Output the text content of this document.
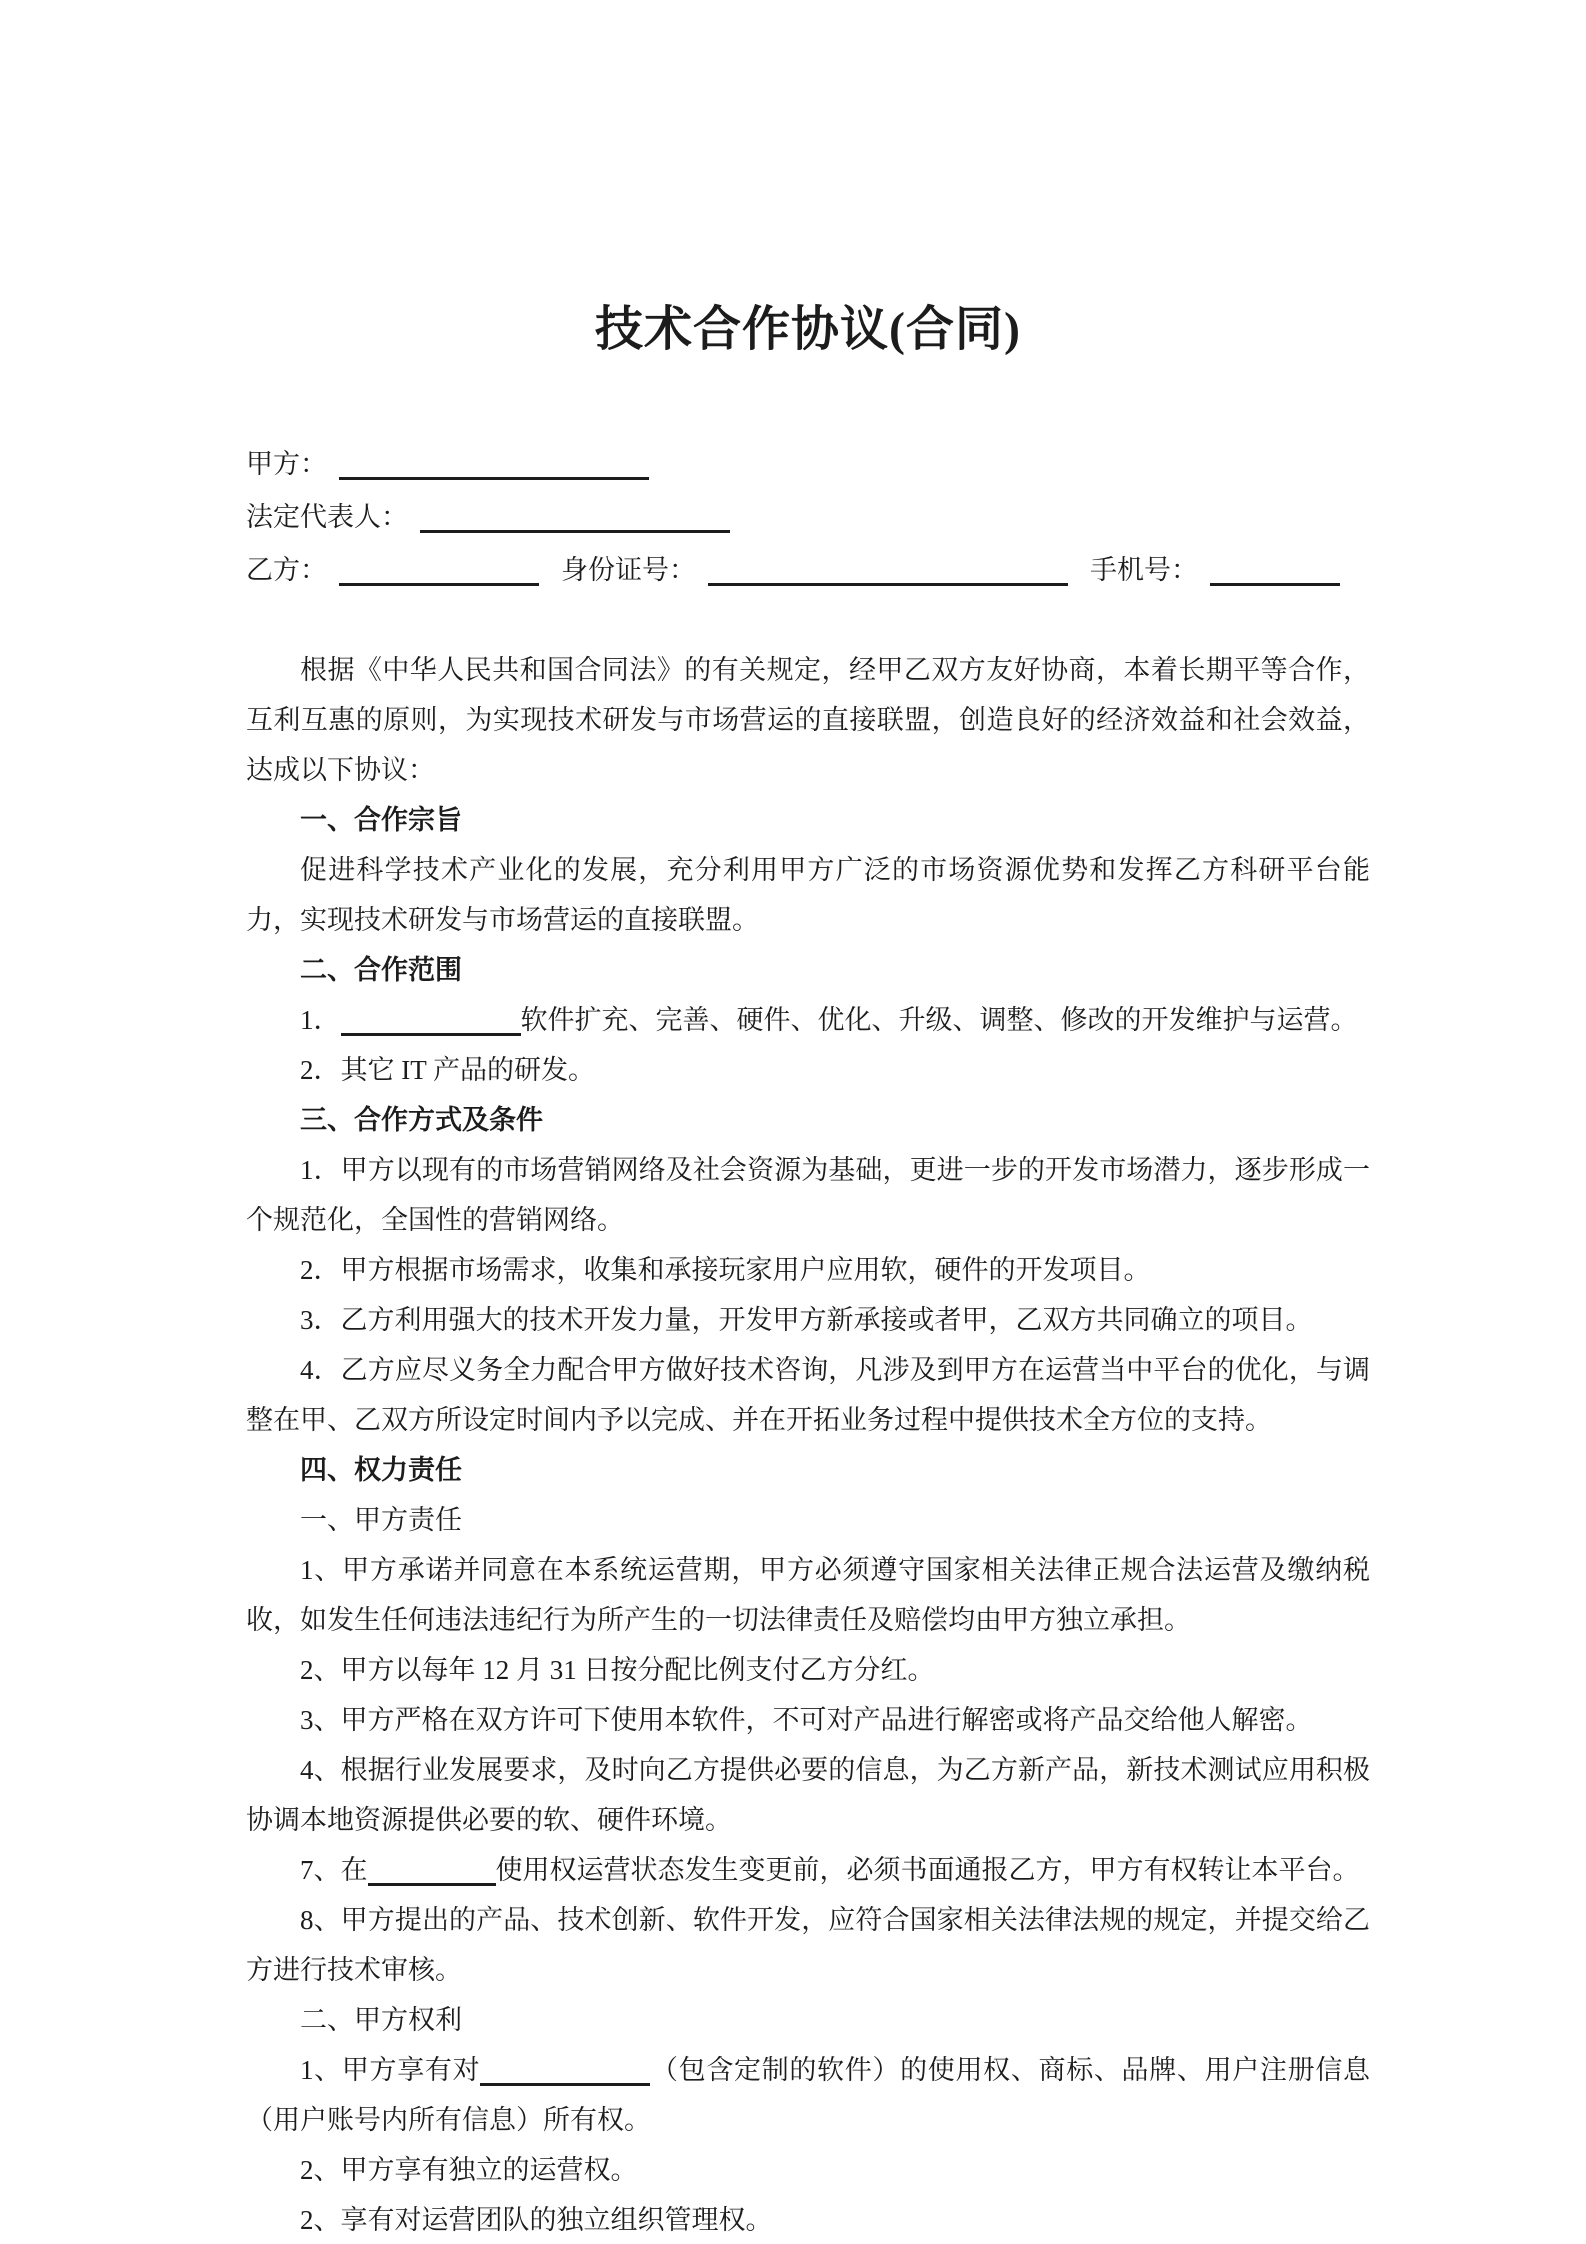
技术合作协议(合同)

甲方：

法定代表人：

乙方：	身份证号：	手机号：

根据《中华人民共和国合同法》的有关规定，经甲乙双方友好协商，本着长期平等合作，互利互惠的原则，为实现技术研发与市场营运的直接联盟，创造良好的经济效益和社会效益，达成以下协议：

一、合作宗旨

促进科学技术产业化的发展，充分利用甲方广泛的市场资源优势和发挥乙方科研平台能力，实现技术研发与市场营运的直接联盟。

二、合作范围

1．	软件扩充、完善、硬件、优化、升级、调整、修改的开发维护与运营。

2．其它 IT 产品的研发。

三、合作方式及条件

1．甲方以现有的市场营销网络及社会资源为基础，更进一步的开发市场潜力，逐步形成一个规范化，全国性的营销网络。

2．甲方根据市场需求，收集和承接玩家用户应用软，硬件的开发项目。

3．乙方利用强大的技术开发力量，开发甲方新承接或者甲，乙双方共同确立的项目。

4．乙方应尽义务全力配合甲方做好技术咨询，凡涉及到甲方在运营当中平台的优化，与调整在甲、乙双方所设定时间内予以完成、并在开拓业务过程中提供技术全方位的支持。

四、权力责任

一、甲方责任

1、甲方承诺并同意在本系统运营期，甲方必须遵守国家相关法律正规合法运营及缴纳税收，如发生任何违法违纪行为所产生的一切法律责任及赔偿均由甲方独立承担。

2、甲方以每年 12 月 31 日按分配比例支付乙方分红。

3、甲方严格在双方许可下使用本软件，不可对产品进行解密或将产品交给他人解密。

4、根据行业发展要求，及时向乙方提供必要的信息，为乙方新产品，新技术测试应用积极协调本地资源提供必要的软、硬件环境。

7、在	使用权运营状态发生变更前，必须书面通报乙方，甲方有权转让本平台。

8、甲方提出的产品、技术创新、软件开发，应符合国家相关法律法规的规定，并提交给乙方进行技术审核。

二、甲方权利

1、甲方享有对	（包含定制的软件）的使用权、商标、品牌、用户注册信息（用户账号内所有信息）所有权。

2、甲方享有独立的运营权。

2、享有对运营团队的独立组织管理权。
